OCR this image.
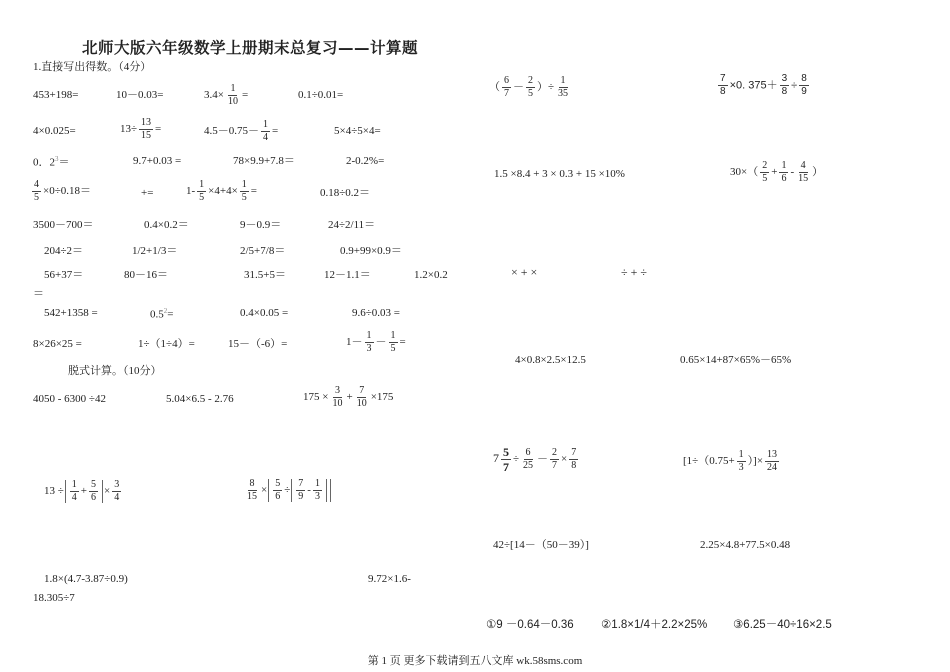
北师大版六年级数学上册期末总复习——计算题
1.直接写出得数。（4分）
453+198=	10－0.03=	$3.4\times \frac{1}{10}$ =	0.1÷0.01=
4×0.025=	$13\div \frac{13}{15}$ =	$4.5-0.75- \frac{1}{4}$ =	5×4÷5×4=
0．$2^3=$	9.7+0.03 =	78×9.9+7.8＝	2-0.2%=
$\frac{4}{5} \times 0\div 0.18=$	+=	$1- \frac{1}{5} \times 4+4\times \frac{1}{5}$ =	0.18÷0.2＝
3500－700＝	0.4×0.2＝	9－0.9＝	24÷2/11＝
204÷2＝	1/2+1/3＝	2/5+7/8＝	0.9+99×0.9＝
56+37＝	80－16＝	31.5+5＝	12－1.1＝	1.2×0.2
＝
542+1358 =	$0.5^2=$	0.4×0.05 =	9.6÷0.03 =
8×26×25 =	1÷（1÷4）=	15－（-6）=	$1- \frac{1}{3} - \frac{1}{5}$ =
脱式计算。（10分）
4050 - 6300 ÷42	5.04×6.5 - 2.76	$175 \times \frac{3}{10} + \frac{7}{10} \times 175$
$13 \div \frac{1}{4} + \frac{5}{6} \times \frac{3}{4}$	$\frac{8}{15} \times \frac{5}{6} \div \frac{7}{9} - \frac{1}{3}$
1.8×(4.7-3.87÷0.9)	9.72×1.6-
18.305÷7
（ $\frac{6}{7} - \frac{2}{5}$ ）÷ $\frac{1}{35}$	$\frac{7}{8} \times 0$. $375+ \frac{3}{8} \div \frac{8}{9}$
1.5 ×8.4 + 3 × 0.3 + 15 ×10%	$30\times( \frac{2}{5} + \frac{1}{6} - \frac{4}{15}$ ）
× + ×	÷ + ÷
4×0.8×2.5×12.5	0.65×14+87×65%－65%
$7 \frac{5}{7} \div \frac{6}{25} - \frac{2}{7} \times \frac{7}{8}$	[$1\div(0.75+ \frac{1}{3}$ ）]× $\frac{13}{24}$
42÷[14－（50－39）]	2.25×4.8+77.5×0.48
①9 －0.64－0.36 ②1.8×1/4＋2.2×25% ③6.25－40÷16×2.5
第 1 页 更多下载请到五八文库 wk.58sms.com
